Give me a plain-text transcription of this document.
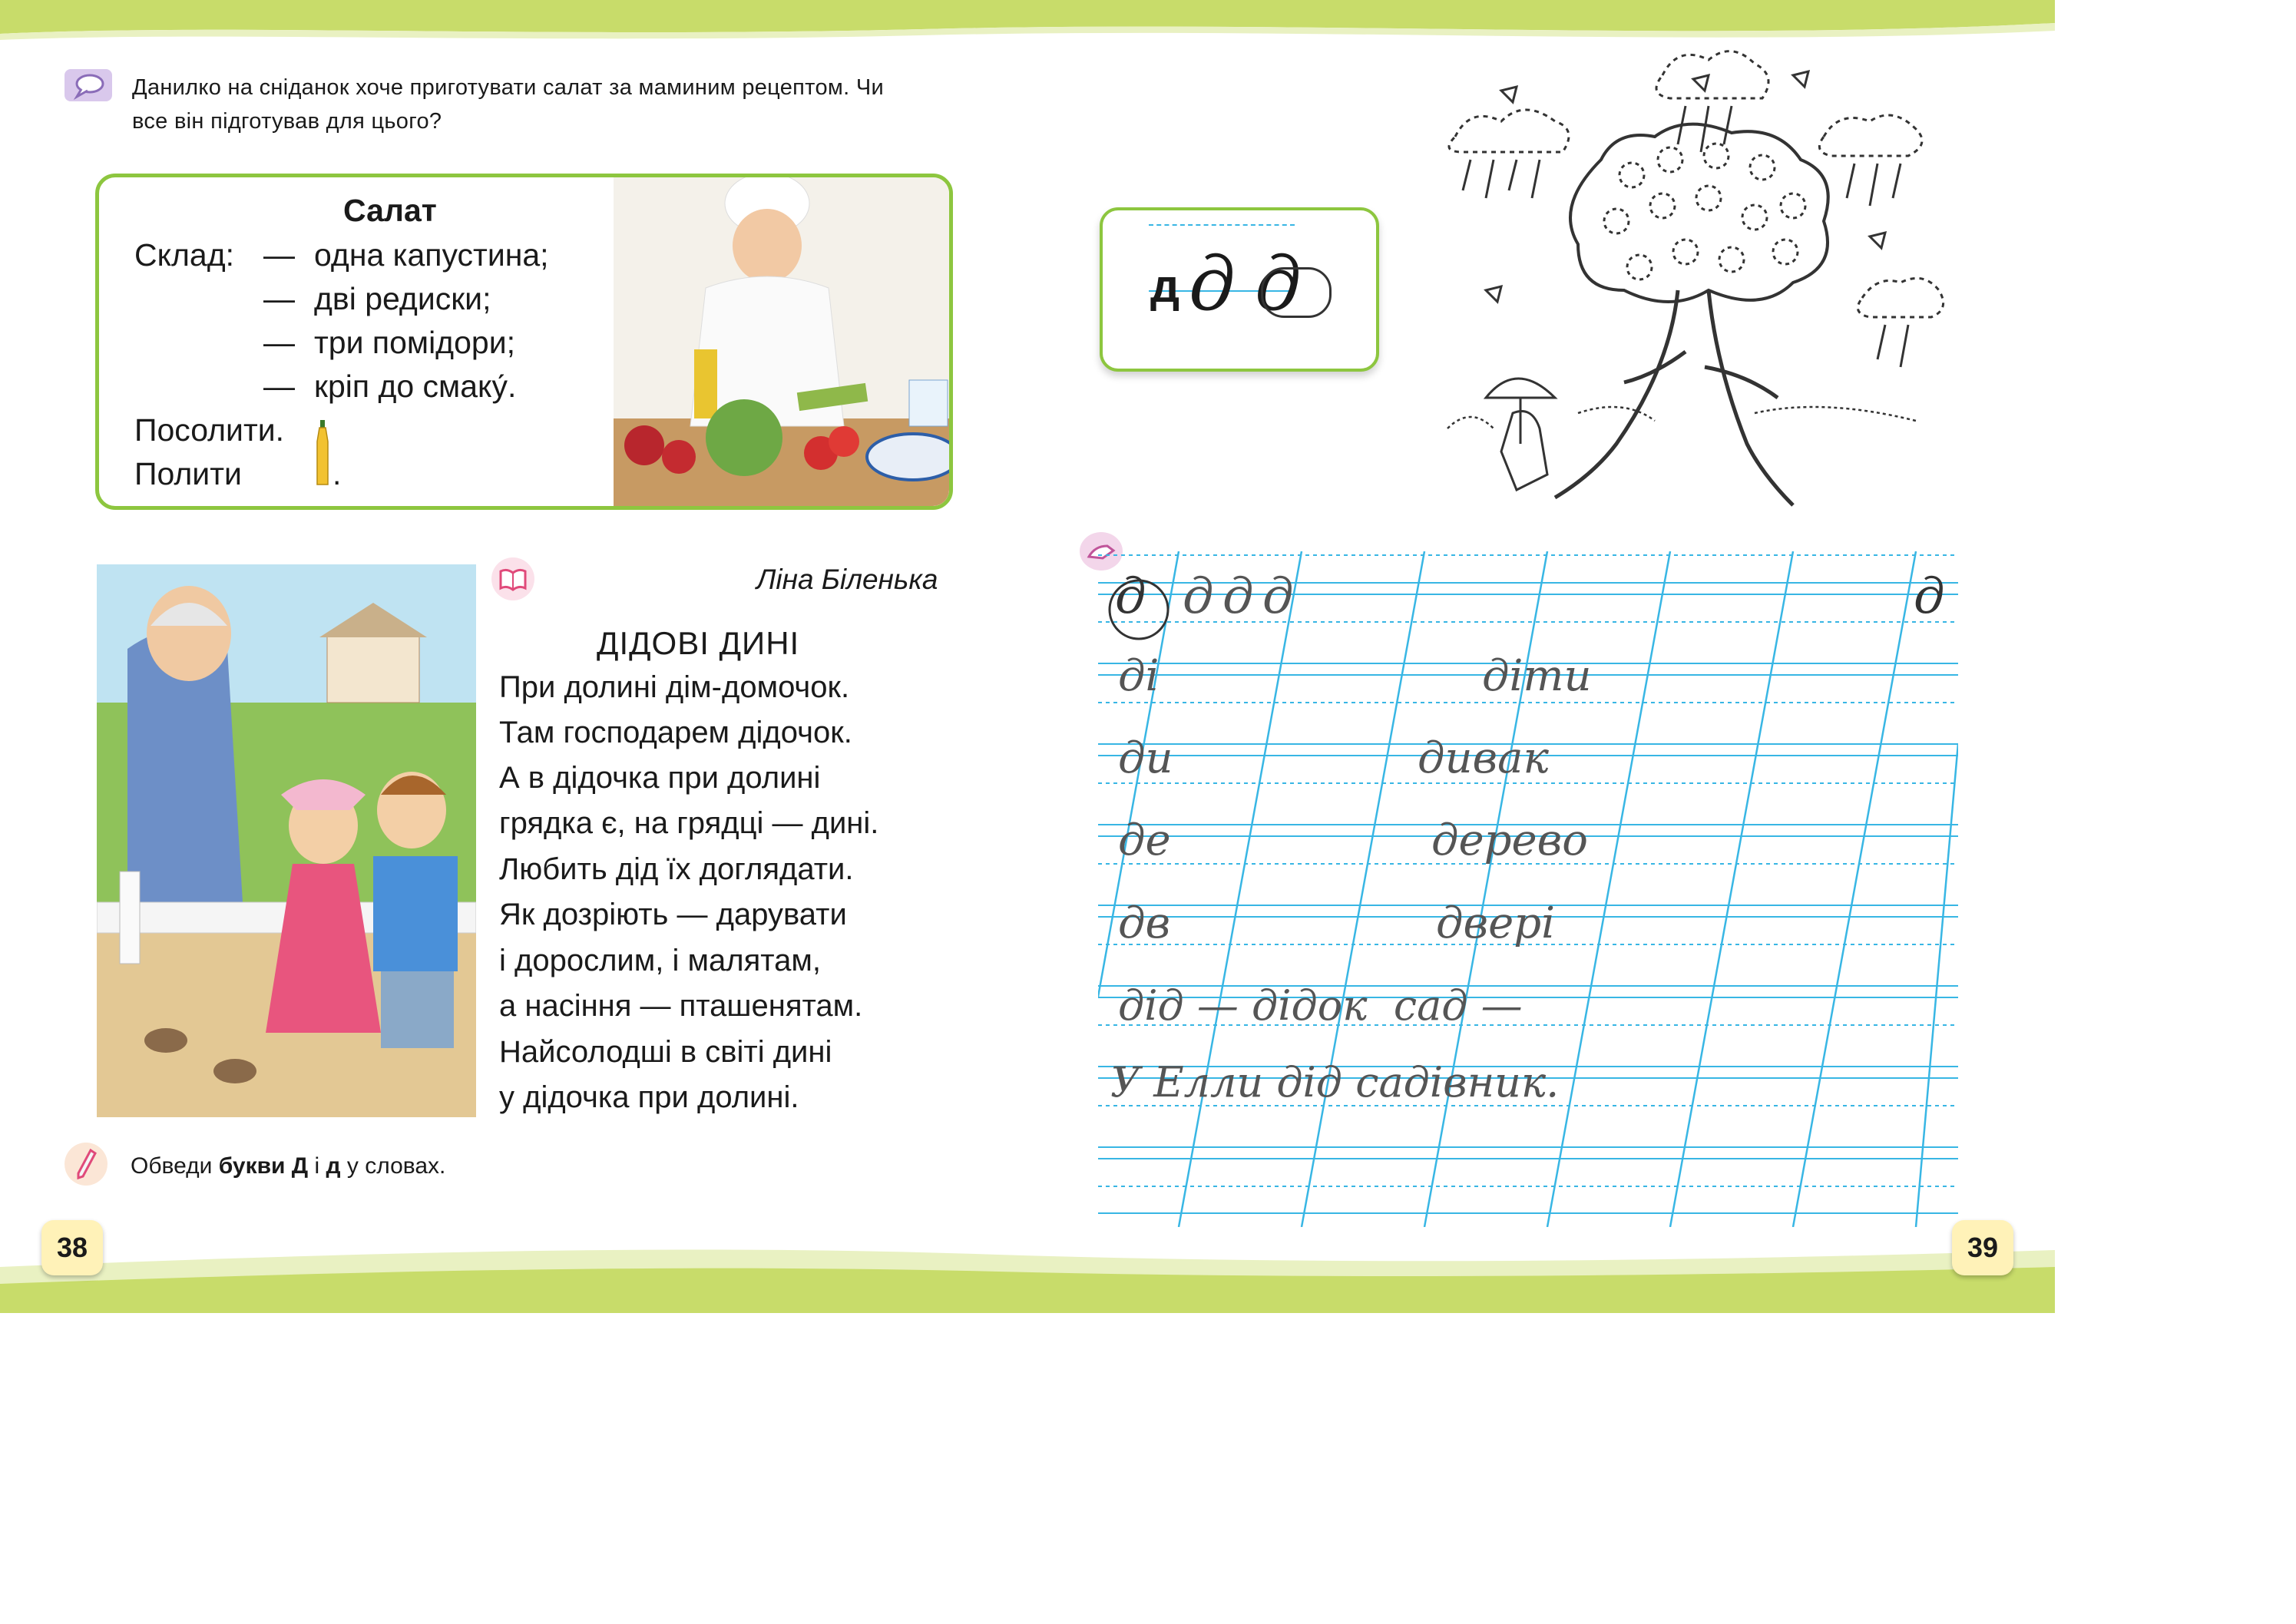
Данилко на сніданок хоче приготувати салат за маминим рецептом. Чи
все він підготував для цього?
Салат
Склад: — одна капустина;
— дві редиски;
— три помідори;
— кріп до смаку́.
Посолити.
Полити	.
Ліна Біленька
ДІДОВІ ДИНІ
При долині дім-домочок.
Там господарем дідочок.
А в дідочка при долині
грядка є, на грядці — дині.
Любить дід їх доглядати.
Як дозріють — дарувати
і дорослим, і малятам,
а насіння — пташенятам.
Найсолодші в світі дині
у дідочка при долині.
Обведи букви Д і д у словах.
38
д д д
д д д д	д
ді	діти
ди	дивак
де	дерево
дв	двері
дід — дідок  сад —
У Елли дід садівник.
39
